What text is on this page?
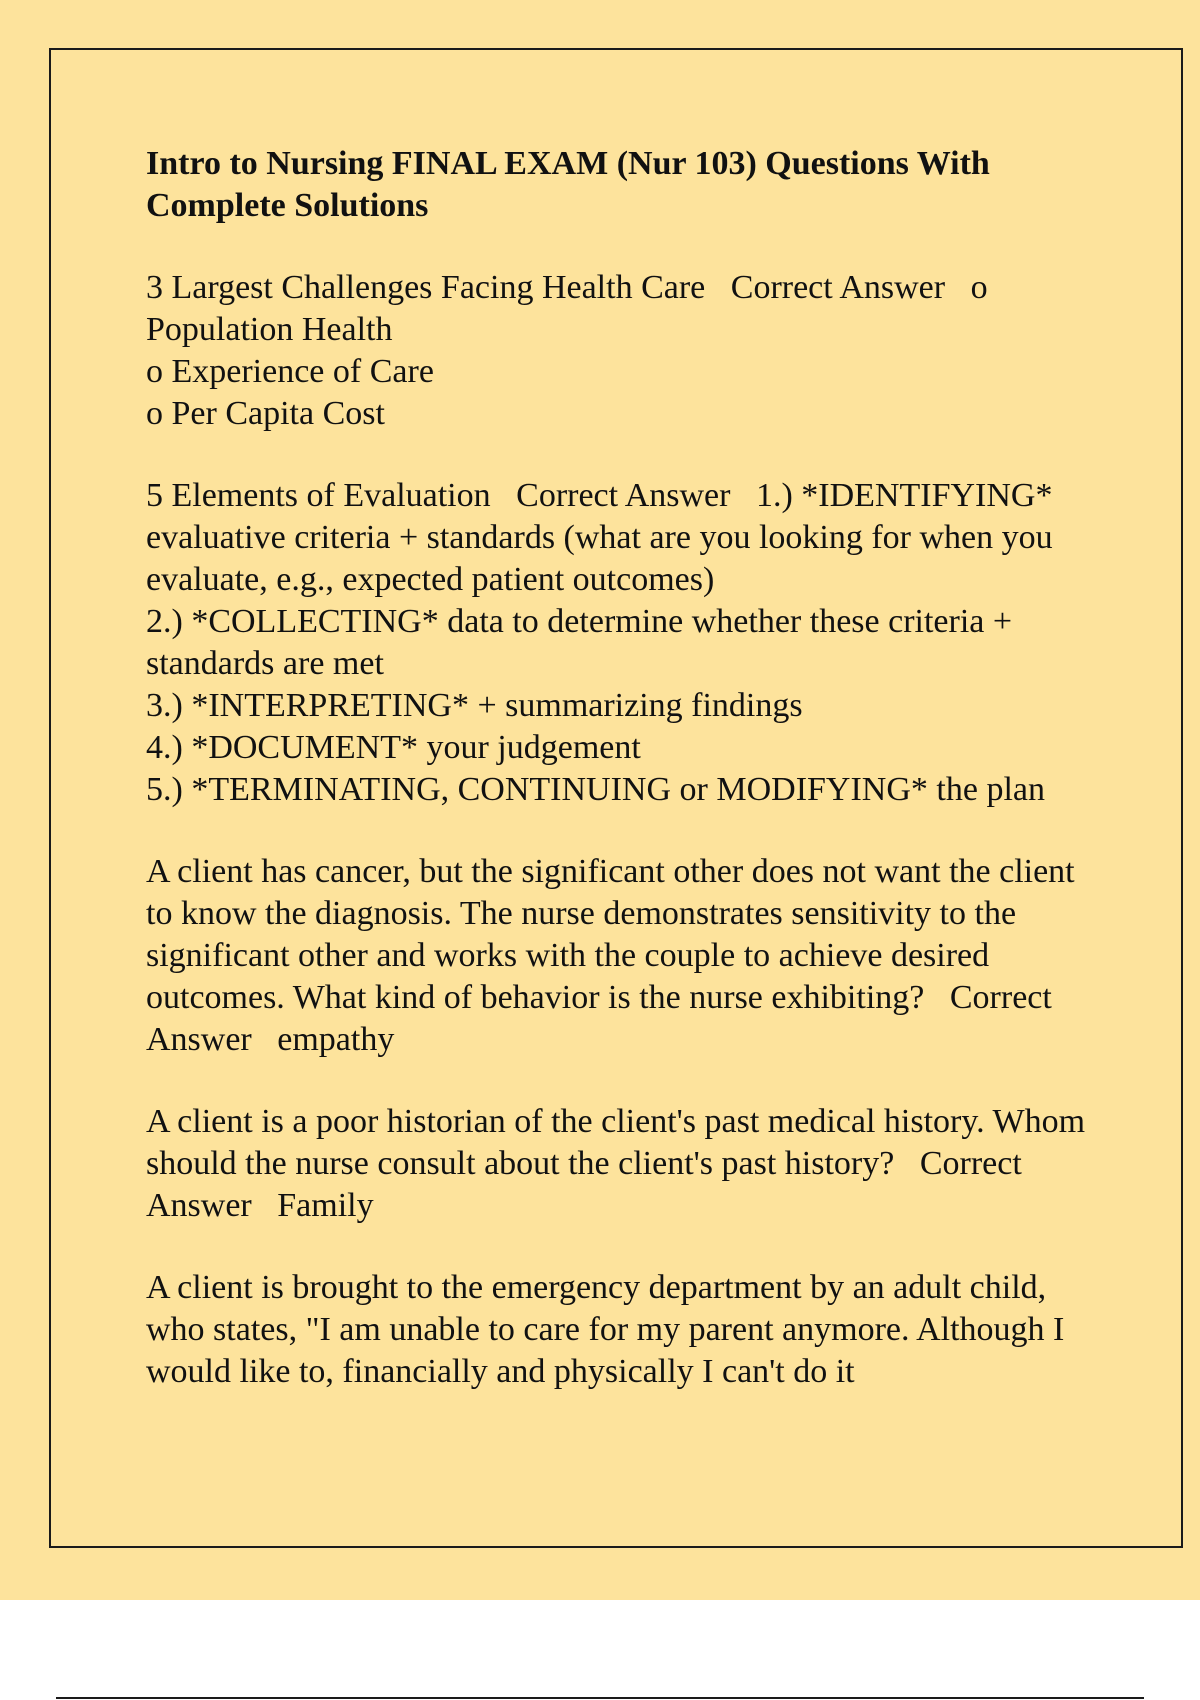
Intro to Nursing FINAL EXAM (Nur 103) Questions With Complete Solutions
3 Largest Challenges Facing Health Care Correct Answer o Population Health
o Experience of Care
o Per Capita Cost
5 Elements of Evaluation Correct Answer 1.) *IDENTIFYING* evaluative criteria + standards (what are you looking for when you evaluate, e.g., expected patient outcomes)
2.) *COLLECTING* data to determine whether these criteria + standards are met
3.) *INTERPRETING* + summarizing findings
4.) *DOCUMENT* your judgement
5.) *TERMINATING, CONTINUING or MODIFYING* the plan
A client has cancer, but the significant other does not want the client to know the diagnosis. The nurse demonstrates sensitivity to the significant other and works with the couple to achieve desired outcomes. What kind of behavior is the nurse exhibiting? Correct Answer empathy
A client is a poor historian of the client's past medical history. Whom should the nurse consult about the client's past history? Correct Answer Family
A client is brought to the emergency department by an adult child, who states, "I am unable to care for my parent anymore. Although I would like to, financially and physically I can't do it
